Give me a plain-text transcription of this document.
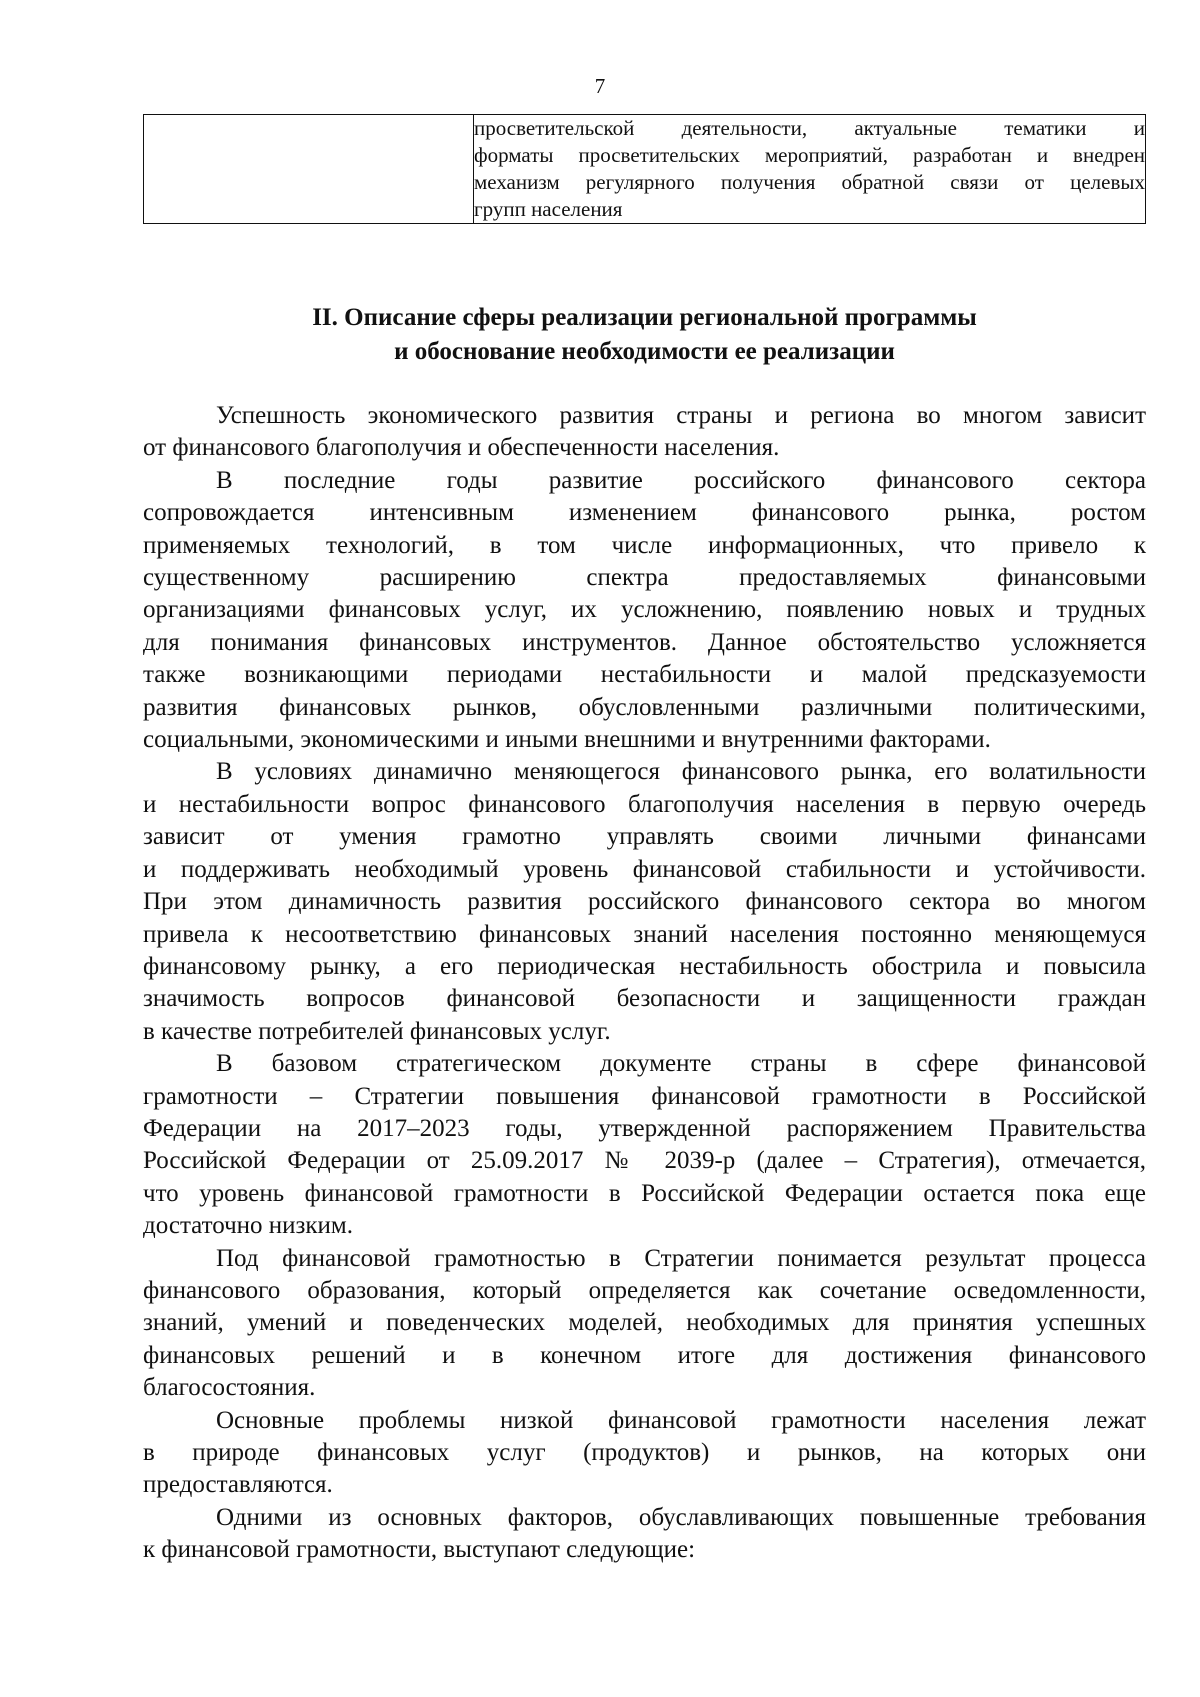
7

просветительской деятельности, актуальные тематики и
форматы просветительских мероприятий, разработан и внедрен
механизм регулярного получения обратной связи от целевых
групп населения
II. Описание сферы реализации региональной программы
и обоснование необходимости ее реализации
Успешность экономического развития страны и региона во многом зависит
от финансового благополучия и обеспеченности населения.
В последние годы развитие российского финансового сектора
сопровождается интенсивным изменением финансового рынка, ростом
применяемых технологий, в том числе информационных, что привело к
существенному расширению спектра предоставляемых финансовыми
организациями финансовых услуг, их усложнению, появлению новых и трудных
для понимания финансовых инструментов. Данное обстоятельство усложняется
также возникающими периодами нестабильности и малой предсказуемости
развития финансовых рынков, обусловленными различными политическими,
социальными, экономическими и иными внешними и внутренними факторами.
В условиях динамично меняющегося финансового рынка, его волатильности
и нестабильности вопрос финансового благополучия населения в первую очередь
зависит от умения грамотно управлять своими личными финансами
и поддерживать необходимый уровень финансовой стабильности и устойчивости.
При этом динамичность развития российского финансового сектора во многом
привела к несоответствию финансовых знаний населения постоянно меняющемуся
финансовому рынку, а его периодическая нестабильность обострила и повысила
значимость вопросов финансовой безопасности и защищенности граждан
в качестве потребителей финансовых услуг.
В базовом стратегическом документе страны в сфере финансовой
грамотности – Стратегии повышения финансовой грамотности в Российской
Федерации на 2017–2023 годы, утвержденной распоряжением Правительства
Российской Федерации от 25.09.2017 № 2039-р (далее – Стратегия), отмечается,
что уровень финансовой грамотности в Российской Федерации остается пока еще
достаточно низким.
Под финансовой грамотностью в Стратегии понимается результат процесса
финансового образования, который определяется как сочетание осведомленности,
знаний, умений и поведенческих моделей, необходимых для принятия успешных
финансовых решений и в конечном итоге для достижения финансового
благосостояния.
Основные проблемы низкой финансовой грамотности населения лежат
в природе финансовых услуг (продуктов) и рынков, на которых они
предоставляются.
Одними из основных факторов, обуславливающих повышенные требования
к финансовой грамотности, выступают следующие:
